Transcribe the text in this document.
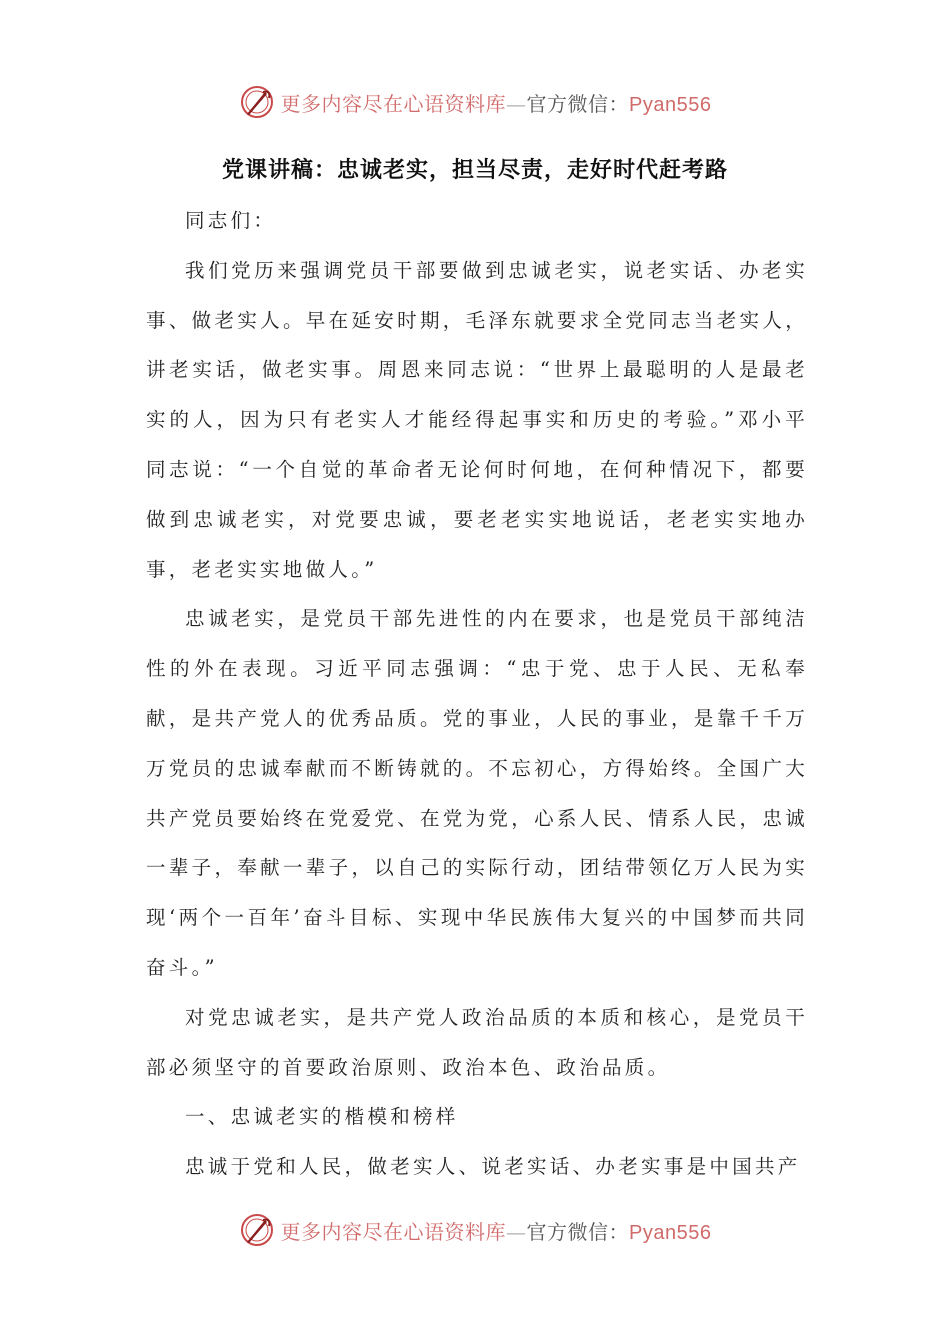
更多内容尽在心语资料库—官方微信：Pyan556
党课讲稿：忠诚老实，担当尽责，走好时代赶考路

同志们：

我们党历来强调党员干部要做到忠诚老实，说老实话、办老实事、做老实人。早在延安时期，毛泽东就要求全党同志当老实人，讲老实话，做老实事。周恩来同志说：“世界上最聪明的人是最老实的人，因为只有老实人才能经得起事实和历史的考验。”邓小平同志说：“一个自觉的革命者无论何时何地，在何种情况下，都要做到忠诚老实，对党要忠诚，要老老实实地说话，老老实实地办事，老老实实地做人。”

忠诚老实，是党员干部先进性的内在要求，也是党员干部纯洁性的外在表现。习近平同志强调：“忠于党、忠于人民、无私奉献，是共产党人的优秀品质。党的事业，人民的事业，是靠千千万万党员的忠诚奉献而不断铸就的。不忘初心，方得始终。全国广大共产党员要始终在党爱党、在党为党，心系人民、情系人民，忠诚一辈子，奉献一辈子，以自己的实际行动，团结带领亿万人民为实现‘两个一百年’奋斗目标、实现中华民族伟大复兴的中国梦而共同奋斗。”

对党忠诚老实，是共产党人政治品质的本质和核心，是党员干部必须坚守的首要政治原则、政治本色、政治品质。

一、忠诚老实的楷模和榜样

忠诚于党和人民，做老实人、说老实话、办老实事是中国共产

更多内容尽在心语资料库—官方微信：Pyan556
